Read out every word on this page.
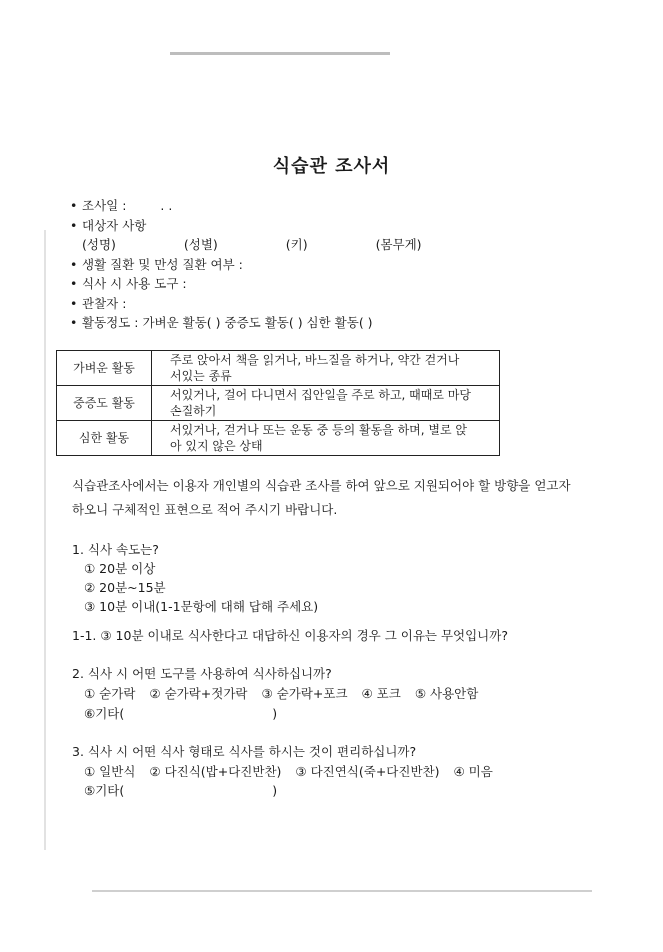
식습관 조사서
• 조사일 :	. .
• 대상자 사항
(성명)	(성별)	(키)	(몸무게)
• 생활 질환 및 만성 질환 여부 :
• 식사 시 사용 도구 :
• 관찰자 :
• 활동정도 : 가벼운 활동( ) 중증도 활동( ) 심한 활동( )
가벼운 활동	주로 앉아서 책을 읽거나, 바느질을 하거나, 약간 걷거나
서있는 종류
중증도 활동	서있거나, 걸어 다니면서 집안일을 주로 하고, 때때로 마당
손질하기
심한 활동	서있거나, 걷거나 또는 운동 중 등의 활동을 하며, 별로 앉
아 있지 않은 상태
식습관조사에서는 이용자 개인별의 식습관 조사를 하여 앞으로 지원되어야 할 방향을 얻고자
하오니 구체적인 표현으로 적어 주시기 바랍니다.
1. 식사 속도는?
① 20분 이상
② 20분~15분
③ 10분 이내(1-1문항에 대해 답해 주세요)
1-1. ③ 10분 이내로 식사한다고 대답하신 이용자의 경우 그 이유는 무엇입니까?
2. 식사 시 어떤 도구를 사용하여 식사하십니까?
① 숟가락 ② 숟가락+젓가락 ③ 숟가락+포크 ④ 포크 ⑤ 사용안함
⑥기타(	)
3. 식사 시 어떤 식사 형태로 식사를 하시는 것이 편리하십니까?
① 일반식 ② 다진식(밥+다진반찬) ③ 다진연식(죽+다진반찬) ④ 미음
⑤기타(	)
